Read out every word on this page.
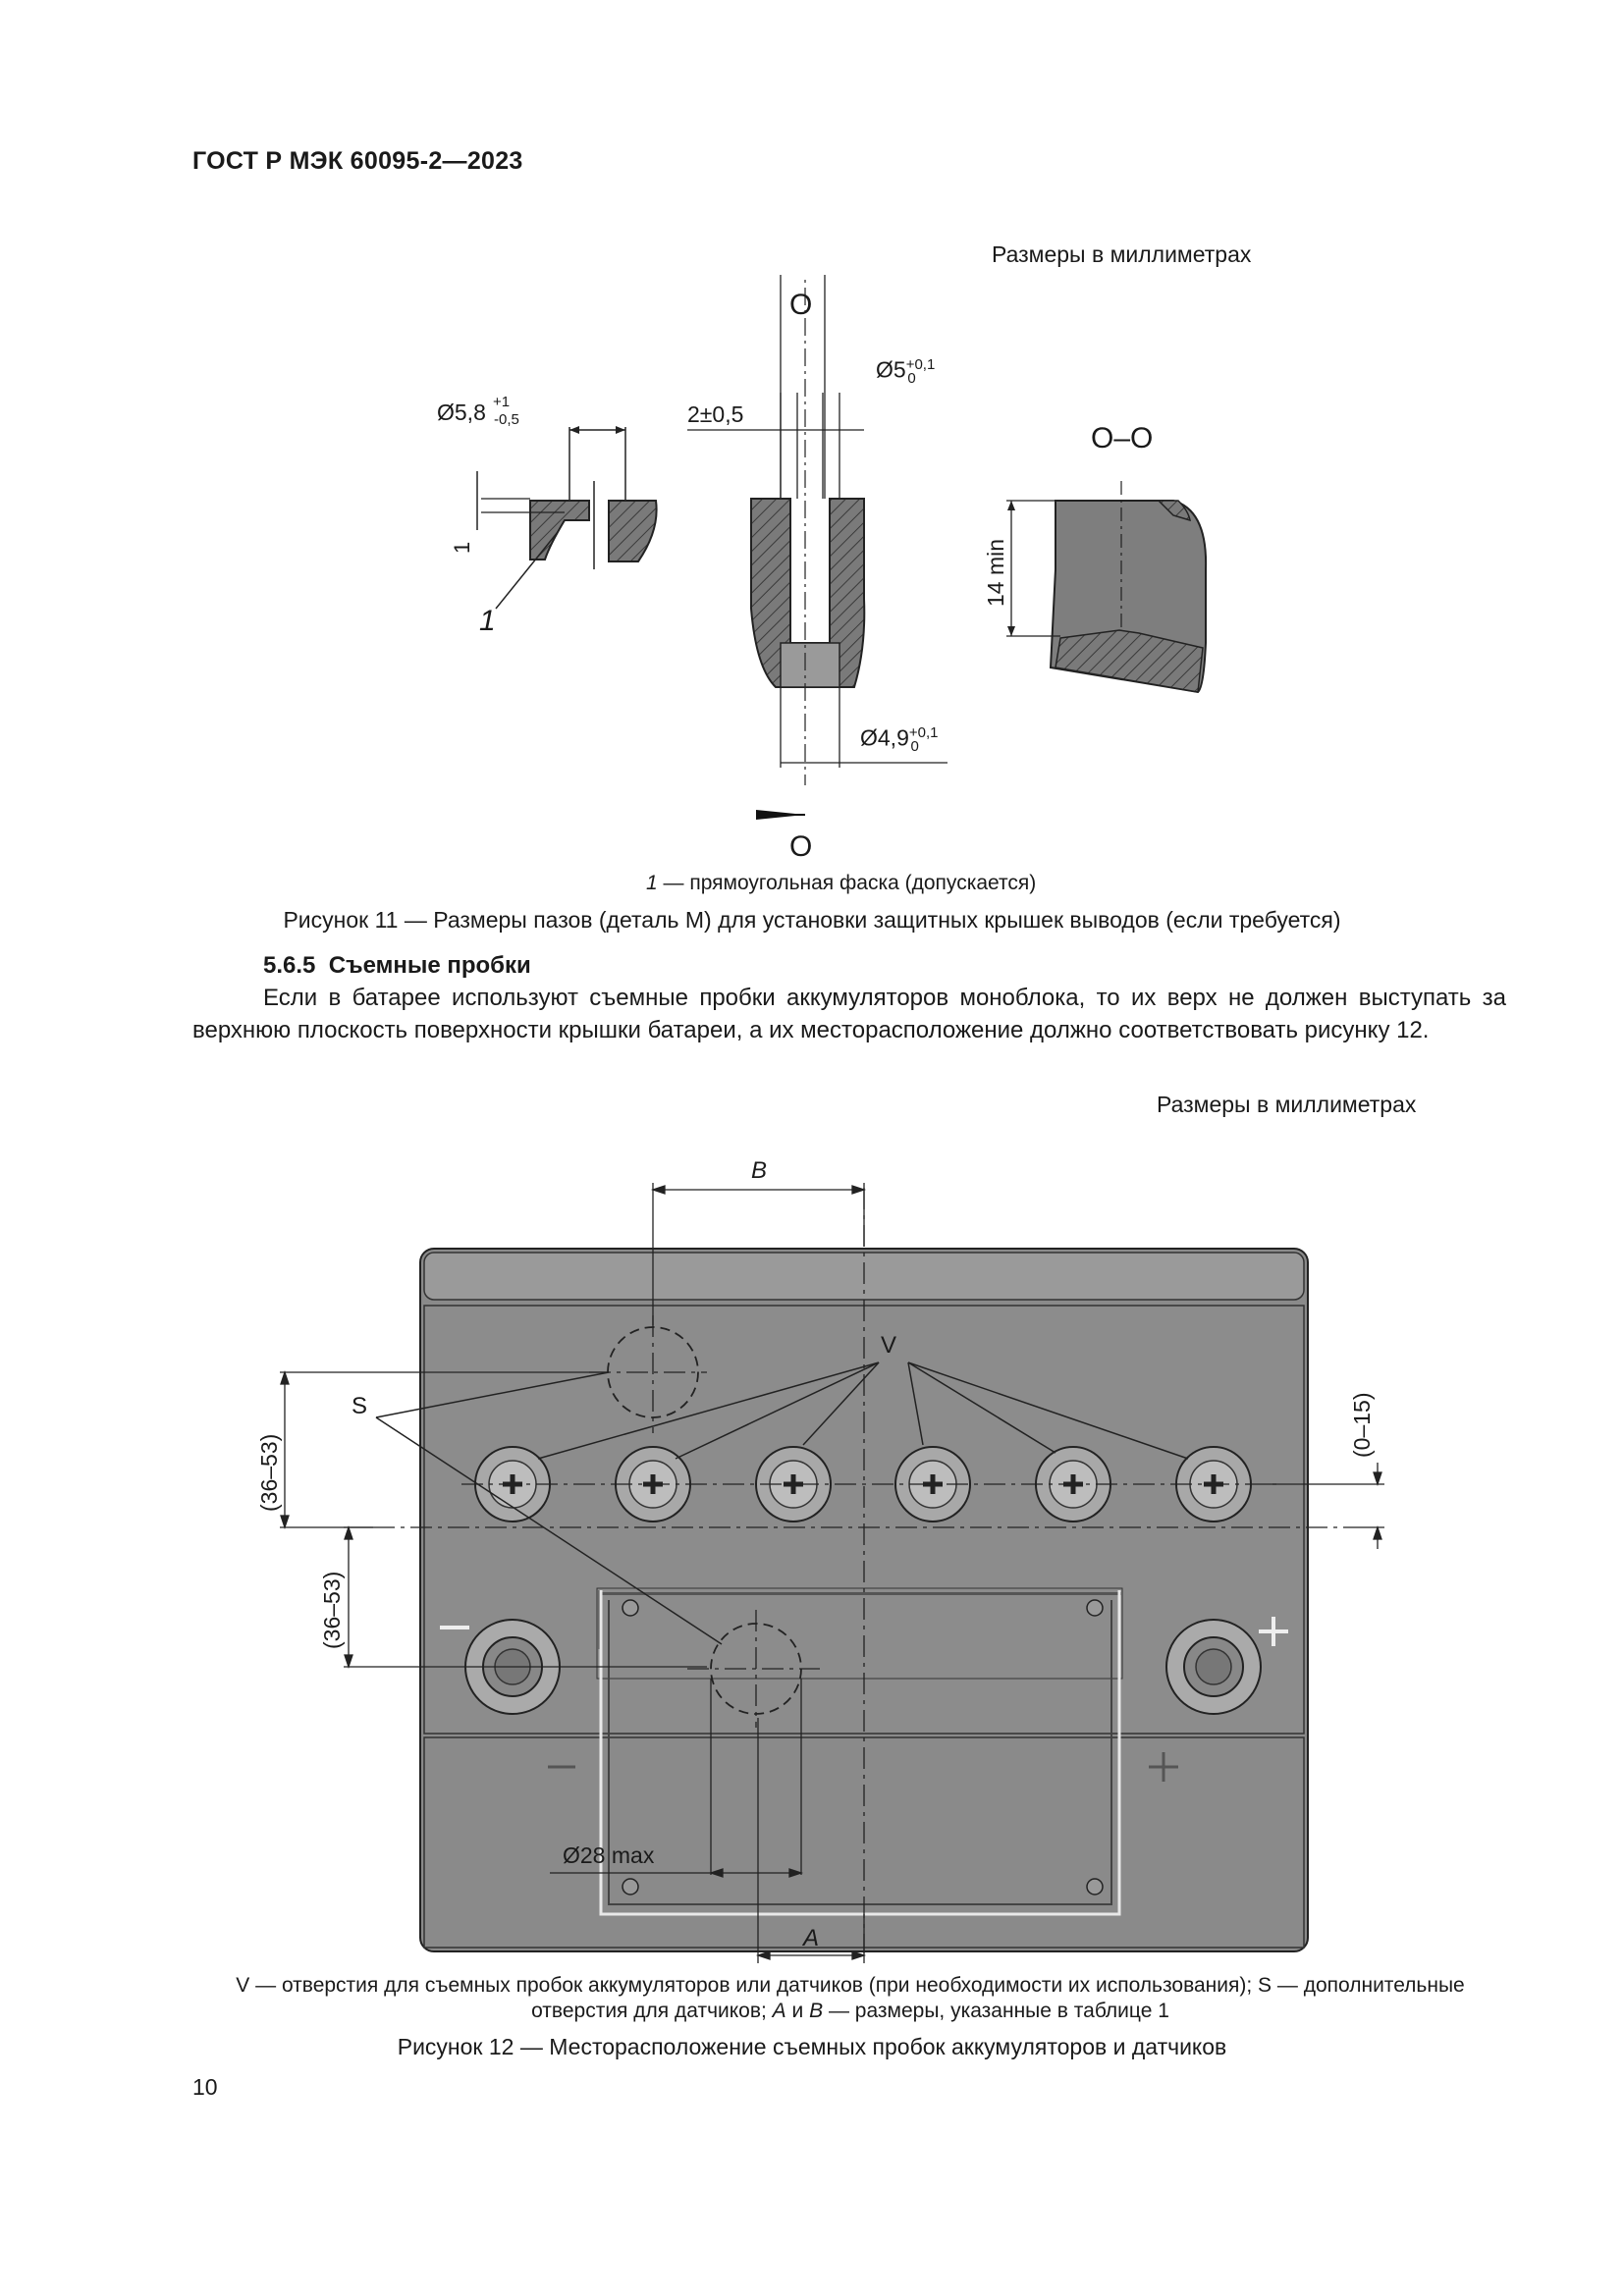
ГОСТ Р МЭК 60095-2—2023
Размеры в миллиметрах
Ø5,8 +1
-0,5
1
1
О
2±0,5
О–О
14 min
$Ø5^{+0,1}_0$
$Ø4,9^{+0,1}_0$
О
1 — прямоугольная фаска (допускается)
Рисунок 11 — Размеры пазов (деталь М) для установки защитных крышек выводов (если требуется)
5.6.5 Съемные пробки
Если в батарее используют съемные пробки аккумуляторов моноблока, то их верх не должен выступать за верхнюю плоскость поверхности крышки батареи, а их месторасположение должно соответствовать рисунку 12.
Размеры в миллиметрах
B
V
S
(36–53)
(36–53)
(0–15)
Ø28 max
A
V — отверстия для съемных пробок аккумуляторов или датчиков (при необходимости их использования); S — дополнительные
отверстия для датчиков; A и B — размеры, указанные в таблице 1
Рисунок 12 — Месторасположение съемных пробок аккумуляторов и датчиков
10
